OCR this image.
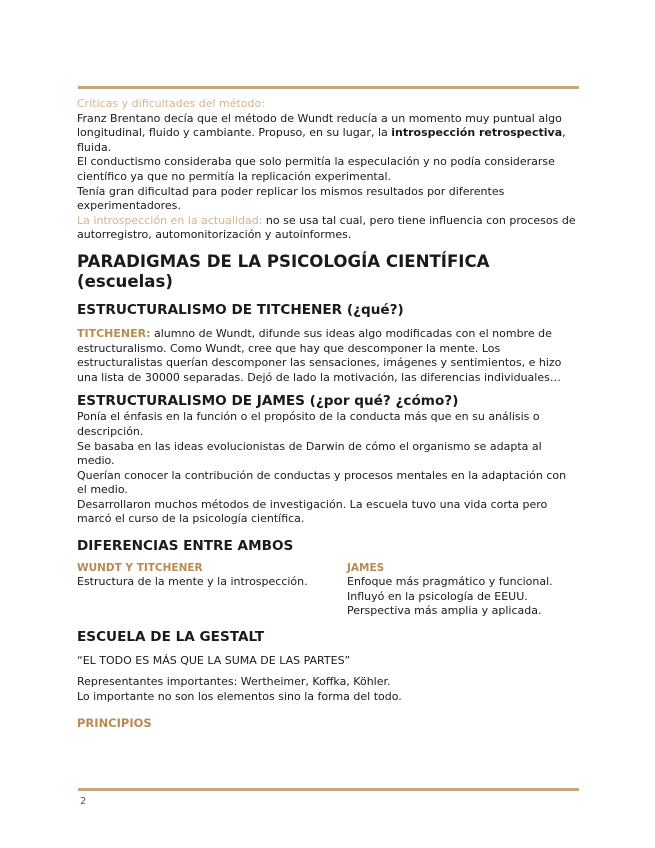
Críticas y dificultades del método:

Franz Brentano decía que el método de Wundt reducía a un momento muy puntual algo longitudinal, fluido y cambiante. Propuso, en su lugar, la introspección retrospectiva, fluida.

El conductismo consideraba que solo permitía la especulación y no podía considerarse científico ya que no permitía la replicación experimental.

Tenía gran dificultad para poder replicar los mismos resultados por diferentes experimentadores.

La introspección en la actualidad: no se usa tal cual, pero tiene influencia con procesos de autorregistro, automonitorización y autoinformes.

PARADIGMAS DE LA PSICOLOGÍA CIENTÍFICA (escuelas)
ESTRUCTURALISMO DE TITCHENER (¿qué?)

TITCHENER: alumno de Wundt, difunde sus ideas algo modificadas con el nombre de estructuralismo. Como Wundt, cree que hay que descomponer la mente. Los estructuralistas querían descomponer las sensaciones, imágenes y sentimientos, e hizo una lista de 30000 separadas. Dejó de lado la motivación, las diferencias individuales…

ESTRUCTURALISMO DE JAMES (¿por qué? ¿cómo?)

Ponía el énfasis en la función o el propósito de la conducta más que en su análisis o descripción.

Se basaba en las ideas evolucionistas de Darwin de cómo el organismo se adapta al medio.

Querían conocer la contribución de conductas y procesos mentales en la adaptación con el medio.

Desarrollaron muchos métodos de investigación. La escuela tuvo una vida corta pero marcó el curso de la psicología científica.

DIFERENCIAS ENTRE AMBOS

WUNDT Y TITCHENER

Estructura de la mente y la introspección.

JAMES

Enfoque más pragmático y funcional.

Influyó en la psicología de EEUU.

Perspectiva más amplia y aplicada.

ESCUELA DE LA GESTALT

“EL TODO ES MÁS QUE LA SUMA DE LAS PARTES”

Representantes importantes: Wertheimer, Koffka, Köhler.

Lo importante no son los elementos sino la forma del todo.

PRINCIPIOS

2
